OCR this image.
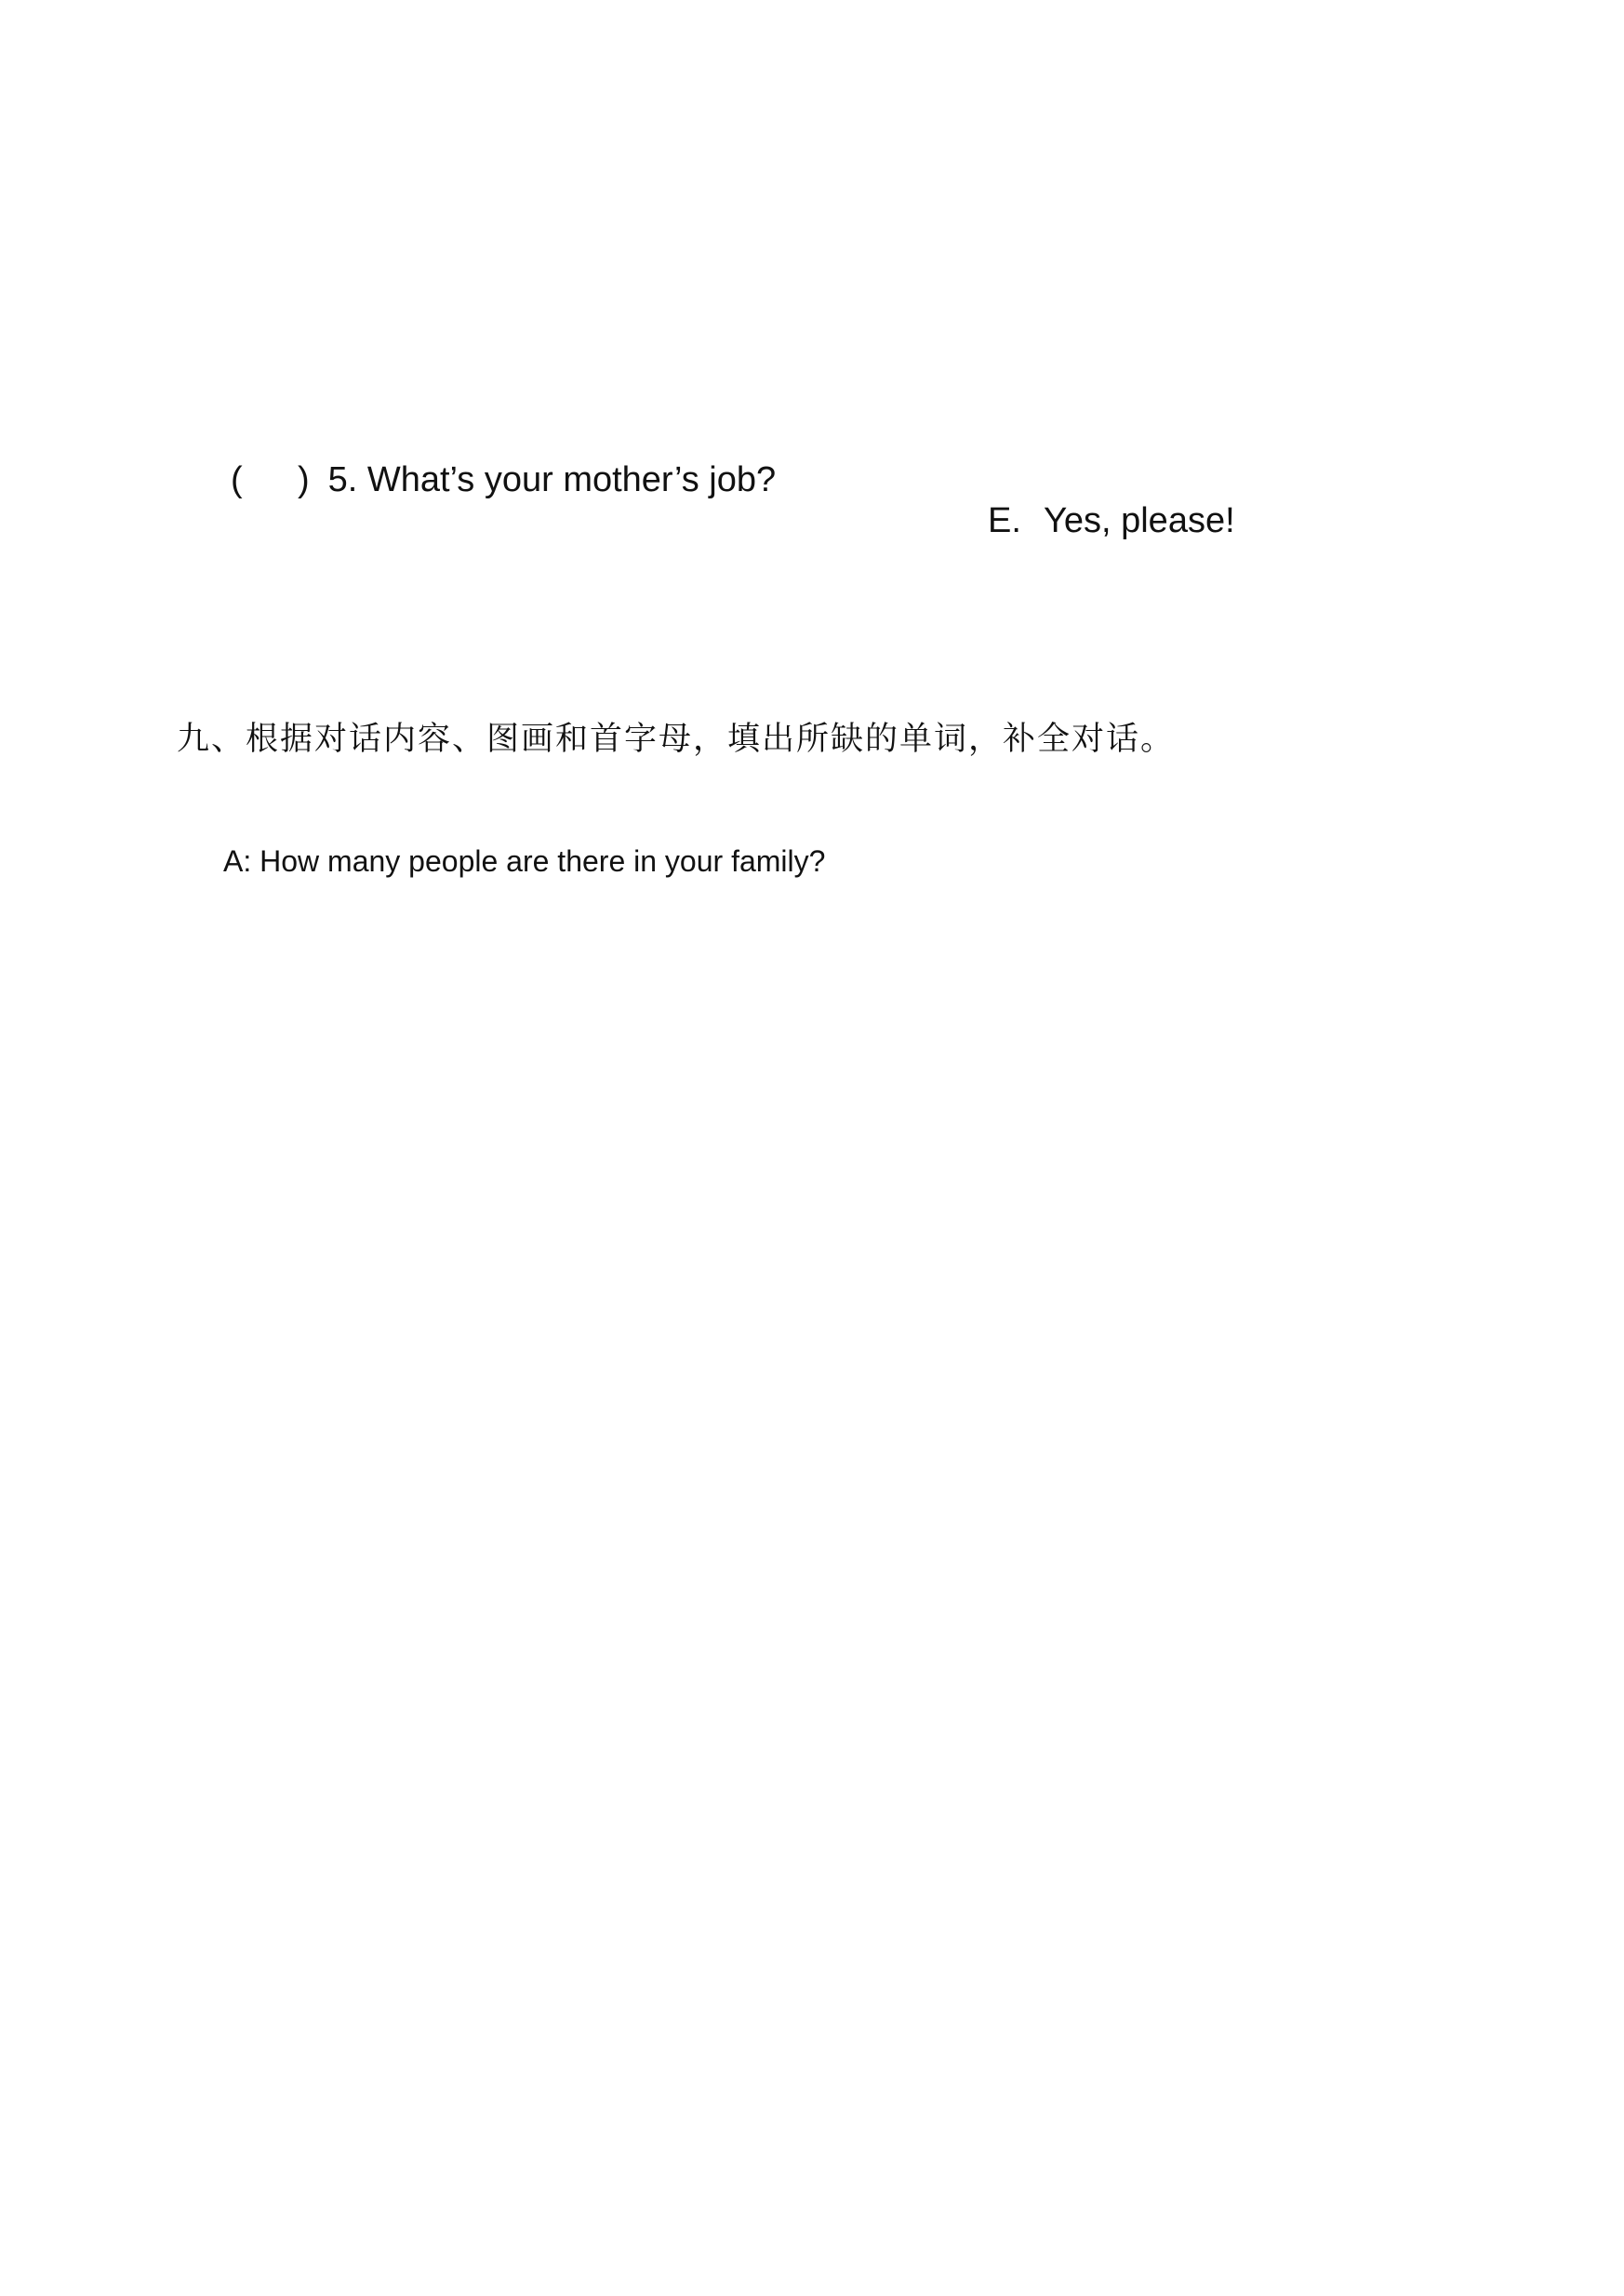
( ) 5. What’s your mother’s job?
E. Yes, please!
九、根据对话内容、图画和首字母，填出所缺的单词，补全对话。
A: How many people are there in your family?
